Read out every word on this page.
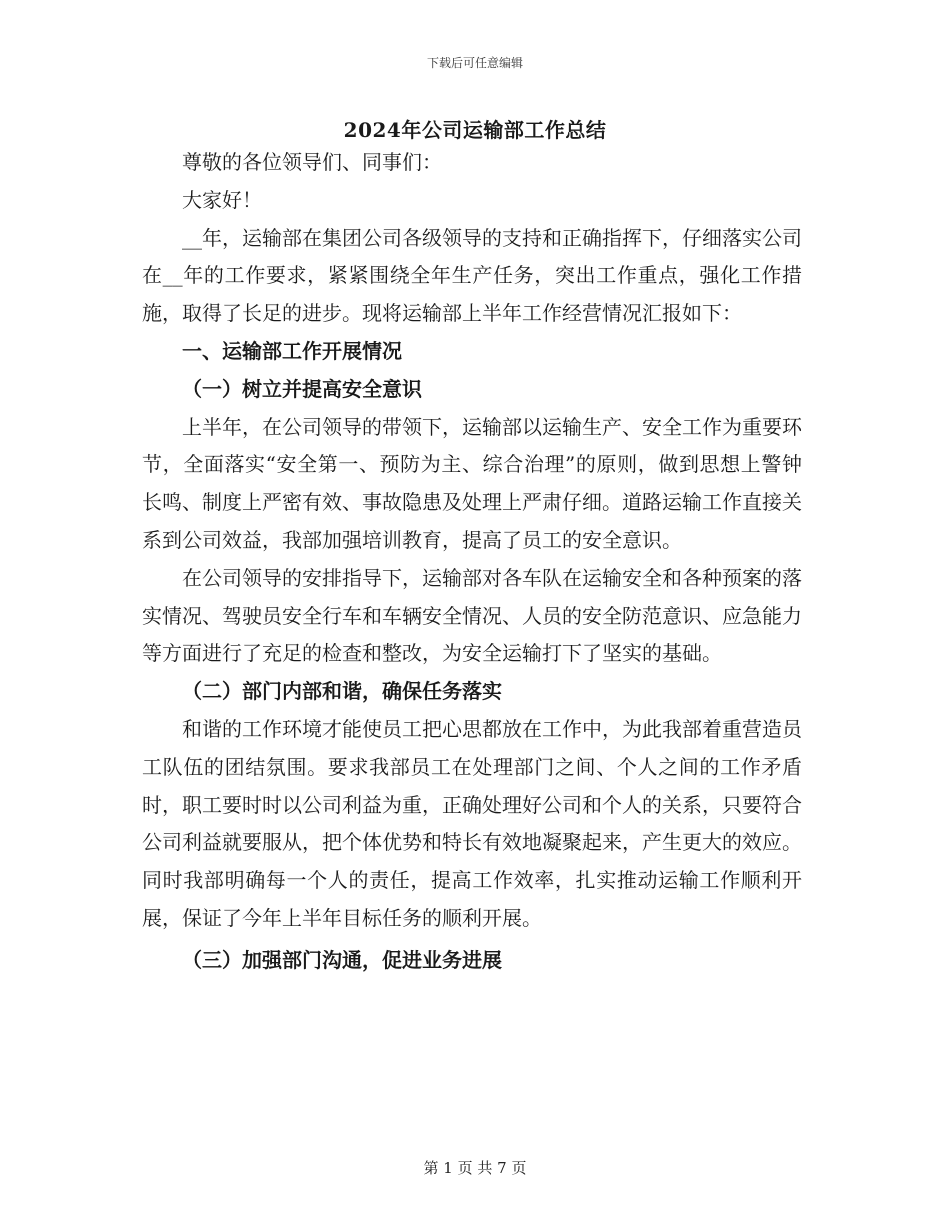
下载后可任意编辑
2024年公司运输部工作总结

尊敬的各位领导们、同事们：

大家好！

__年，运输部在集团公司各级领导的支持和正确指挥下，仔细落实公司在__年的工作要求，紧紧围绕全年生产任务，突出工作重点，强化工作措施，取得了长足的进步。现将运输部上半年工作经营情况汇报如下：

一、运输部工作开展情况

（一）树立并提高安全意识

上半年，在公司领导的带领下，运输部以运输生产、安全工作为重要环节，全面落实“安全第一、预防为主、综合治理”的原则，做到思想上警钟长鸣、制度上严密有效、事故隐患及处理上严肃仔细。道路运输工作直接关系到公司效益，我部加强培训教育，提高了员工的安全意识。

在公司领导的安排指导下，运输部对各车队在运输安全和各种预案的落实情况、驾驶员安全行车和车辆安全情况、人员的安全防范意识、应急能力等方面进行了充足的检查和整改，为安全运输打下了坚实的基础。

（二）部门内部和谐，确保任务落实

和谐的工作环境才能使员工把心思都放在工作中，为此我部着重营造员工队伍的团结氛围。要求我部员工在处理部门之间、个人之间的工作矛盾时，职工要时时以公司利益为重，正确处理好公司和个人的关系，只要符合公司利益就要服从，把个体优势和特长有效地凝聚起来，产生更大的效应。同时我部明确每一个人的责任，提高工作效率，扎实推动运输工作顺利开展，保证了今年上半年目标任务的顺利开展。

（三）加强部门沟通，促进业务进展

第 1 页 共 7 页
